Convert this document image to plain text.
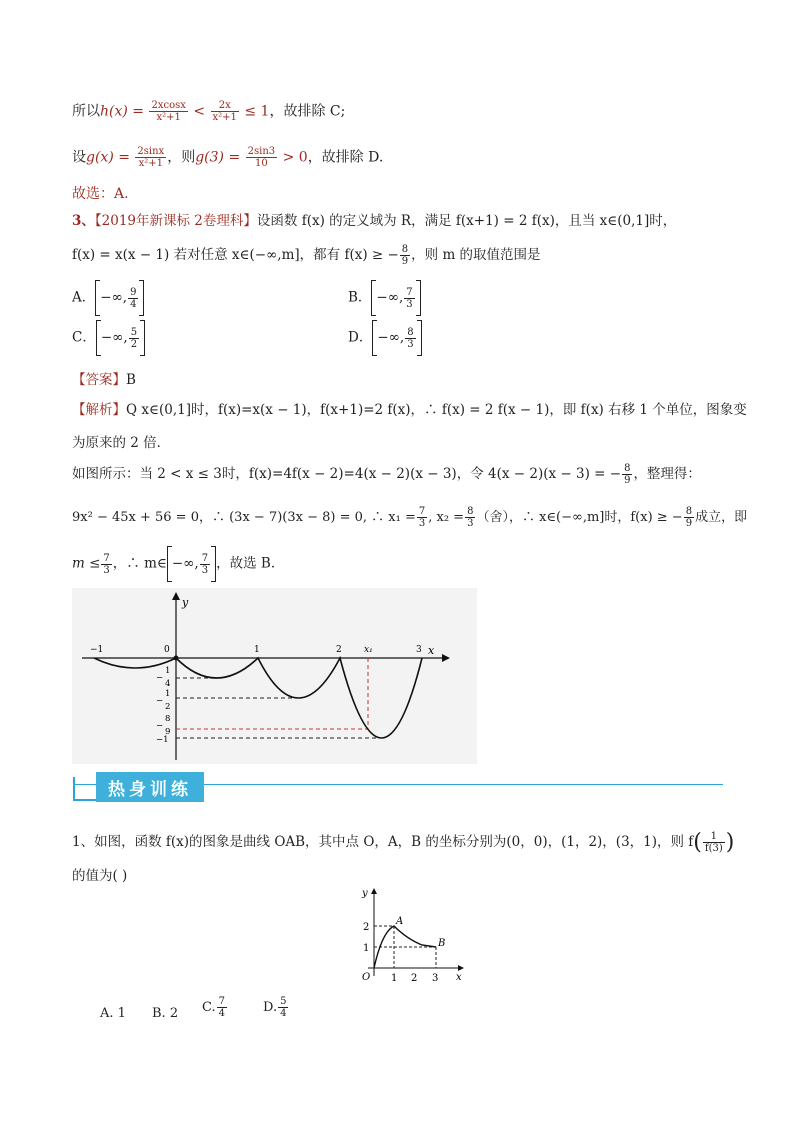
所以$h(x) = \frac{2xcosx}{\text{x²+1}} < \frac{2x}{\text{x²+1}} \le 1$，故排除 C;
设$g(x) = \frac{2\sin x}{\text{x²+1}}$ ，则$g(3) = \frac{2\sin 3}{10} > 0$，故排除 D.
故选：A.
3、【2019年新课标 2卷理科】设函数 f(x) 的定义域为 R，满足 f(x+1) = 2 f(x)，且当 x∈(0,1]时，
f(x) = x(x − 1) 若对任意 x∈(−∞,m]，都有 f(x) ≥ − $\frac{8}{9}$ ，则 m 的取值范围是
A． −∞, $\frac{9}{4}$	B． −∞, $\frac{7}{3}$
C． −∞, $\frac{5}{2}$	D． −∞, $\frac{8}{3}$
【答案】B
【解析】Q x∈(0,1]时，f(x)=x(x − 1)，f(x+1)=2 f(x)，∴ f(x) = 2 f(x − 1)，即 f(x) 右移 1 个单位，图象变
为原来的 2 倍．
如图所示：当 2 < x ≤ 3时，f(x)=4f(x − 2)=4(x − 2)(x − 3)，令 4(x − 2)(x − 3) = − $\frac{8}{9}$ ，整理得：
9x² − 45x + 56 = 0，∴ (3x − 7)(3x − 8) = 0, ∴ $x_1 = \frac{7}{3}$ , $x_2 = \frac{8}{3}$ （舍），∴ x∈(−∞,m]时，f(x) ≥ − $\frac{8}{9}$ 成立，即
$m \le \frac{7}{3}$ ，∴ m∈ −∞, $\frac{7}{3}$ ，故选 B．
y
x
−1	0	1	2 x₁	3
−
1
4
−
1
2
−
8
9
−1
热身训练
1、如图，函数 f(x)的图象是曲线 OAB，其中点 O，A，B 的坐标分别为(0，0)，(1，2)，(3，1)，则 $f( \frac{1}{f(3)}$ )
的值为( )
y
x
O 1 2 3
1
2
A
B
A. 1 B. 2 C. $\frac{7}{4}$	D. $\frac{5}{4}$
